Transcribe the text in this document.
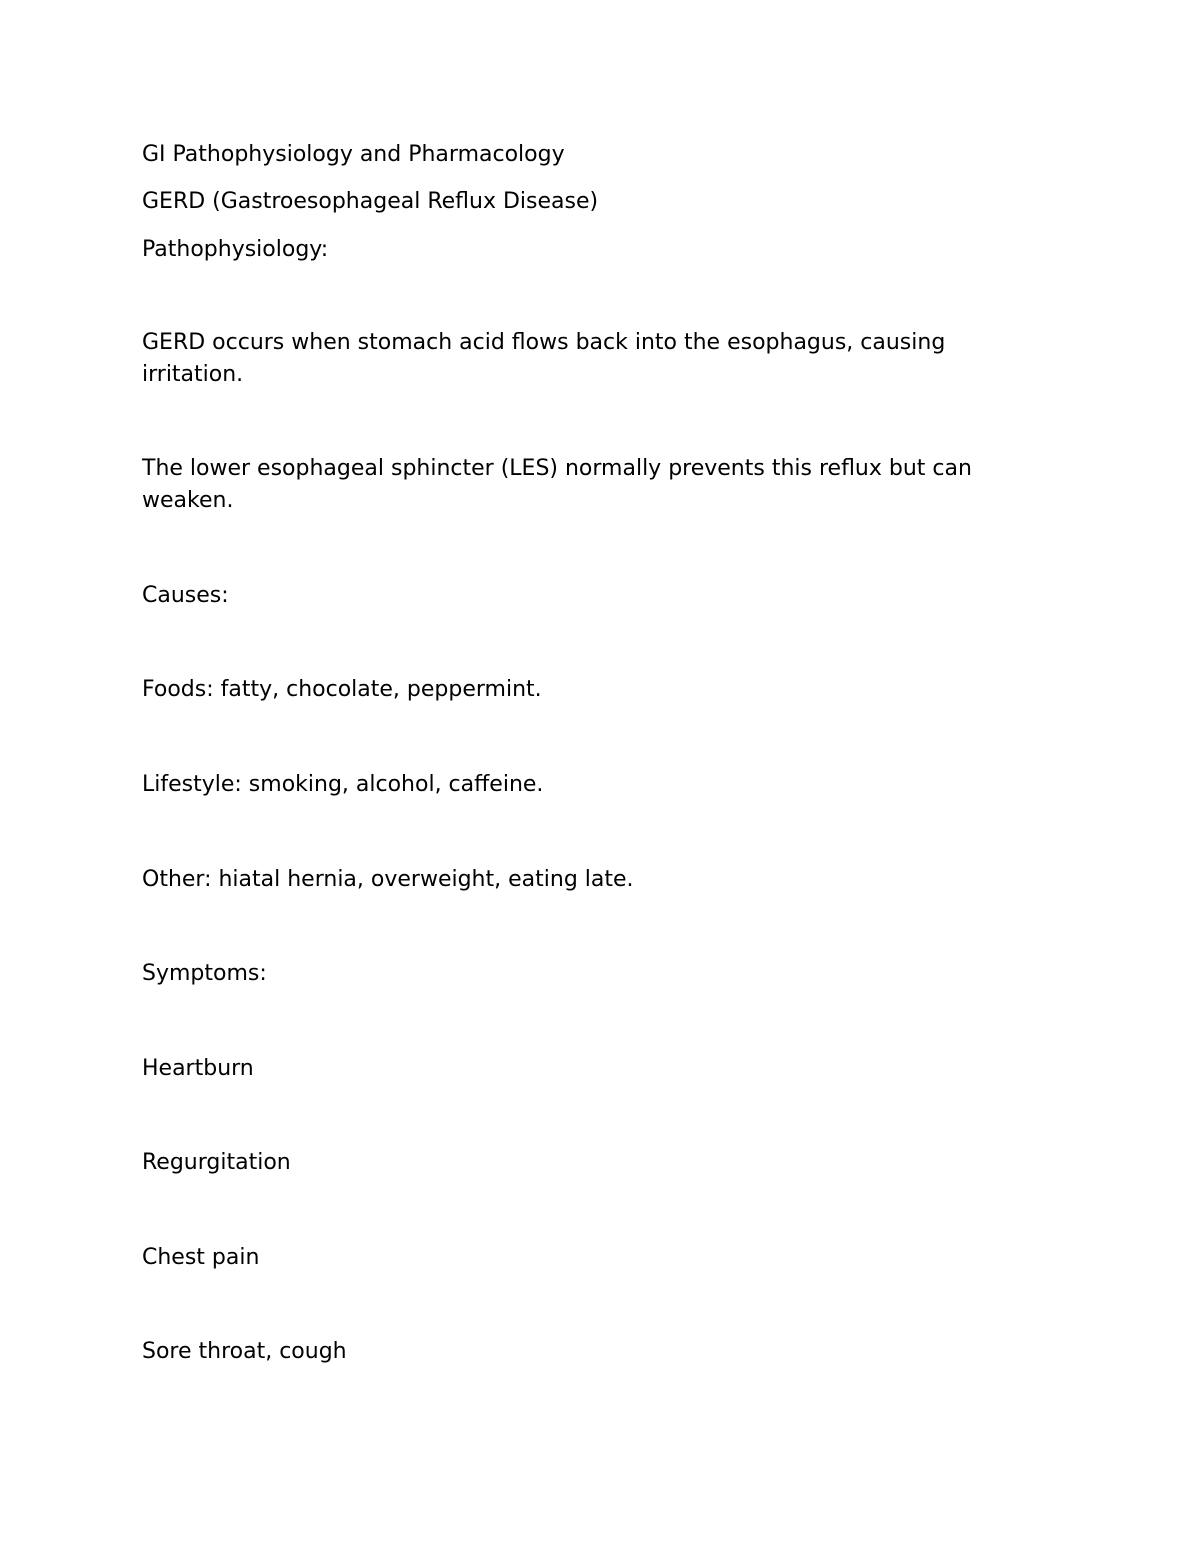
GI Pathophysiology and Pharmacology

GERD (Gastroesophageal Reflux Disease)

Pathophysiology:

GERD occurs when stomach acid flows back into the esophagus, causing irritation.

The lower esophageal sphincter (LES) normally prevents this reflux but can weaken.

Causes:

Foods: fatty, chocolate, peppermint.

Lifestyle: smoking, alcohol, caffeine.

Other: hiatal hernia, overweight, eating late.

Symptoms:

Heartburn

Regurgitation

Chest pain

Sore throat, cough
